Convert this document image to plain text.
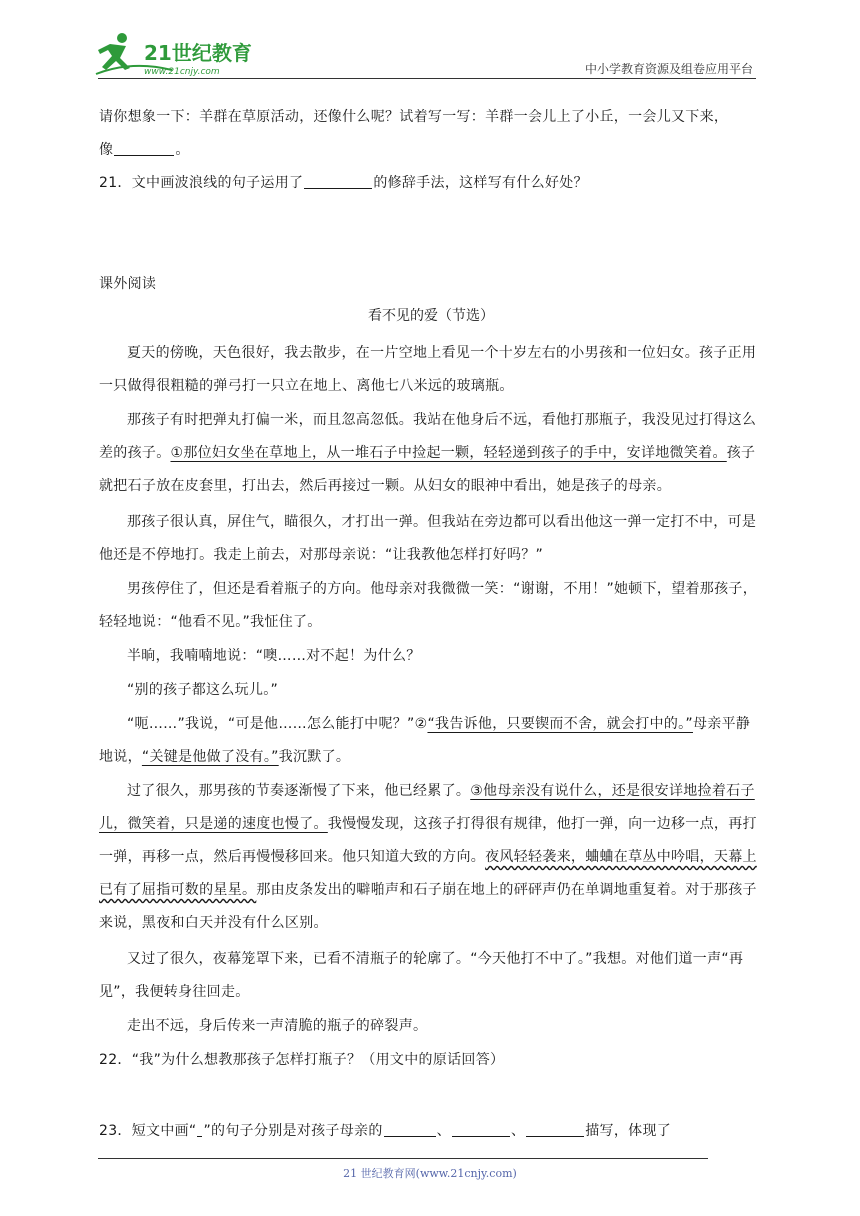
21世纪教育
www.21cnjy.com	中小学教育资源及组卷应用平台
请你想象一下：羊群在草原活动，还像什么呢？试着写一写：羊群一会儿上了小丘，一会儿又下来，
像	。
21．文中画波浪线的句子运用了	的修辞手法，这样写有什么好处？
课外阅读
看不见的爱（节选）
夏天的傍晚，天色很好，我去散步，在一片空地上看见一个十岁左右的小男孩和一位妇女。孩子正用一只做得很粗糙的弹弓打一只立在地上、离他七八米远的玻璃瓶。
那孩子有时把弹丸打偏一米，而且忽高忽低。我站在他身后不远，看他打那瓶子，我没见过打得这么差的孩子。①那位妇女坐在草地上，从一堆石子中捡起一颗，轻轻递到孩子的手中，安详地微笑着。孩子就把石子放在皮套里，打出去，然后再接过一颗。从妇女的眼神中看出，她是孩子的母亲。
那孩子很认真，屏住气，瞄很久，才打出一弹。但我站在旁边都可以看出他这一弹一定打不中，可是他还是不停地打。我走上前去，对那母亲说：“让我教他怎样打好吗？”
男孩停住了，但还是看着瓶子的方向。他母亲对我微微一笑：“谢谢，不用！”她顿下，望着那孩子，轻轻地说：“他看不见。”我怔住了。
半晌，我喃喃地说：“噢……对不起！为什么？
“别的孩子都这么玩儿。”
“呃……”我说，“可是他……怎么能打中呢？”②“我告诉他，只要锲而不舍，就会打中的。”母亲平静地说，“关键是他做了没有。”我沉默了。
过了很久，那男孩的节奏逐渐慢了下来，他已经累了。③他母亲没有说什么，还是很安详地捡着石子儿，微笑着，只是递的速度也慢了。我慢慢发现，这孩子打得很有规律，他打一弹，向一边移一点，再打一弹，再移一点，然后再慢慢移回来。他只知道大致的方向。夜风轻轻袭来，蛐蛐在草丛中吟唱，天幕上已有了屈指可数的星星。那由皮条发出的噼啪声和石子崩在地上的砰砰声仍在单调地重复着。对于那孩子来说，黑夜和白天并没有什么区别。
又过了很久，夜幕笼罩下来，已看不清瓶子的轮廓了。“今天他打不中了。”我想。对他们道一声“再见”，我便转身往回走。
走出不远，身后传来一声清脆的瓶子的碎裂声。
22．“我”为什么想教那孩子怎样打瓶子？（用文中的原话回答）
23．短文中画“ ”的句子分别是对孩子母亲的	、	、	描写，体现了
21 世纪教育网(www.21cnjy.com)
